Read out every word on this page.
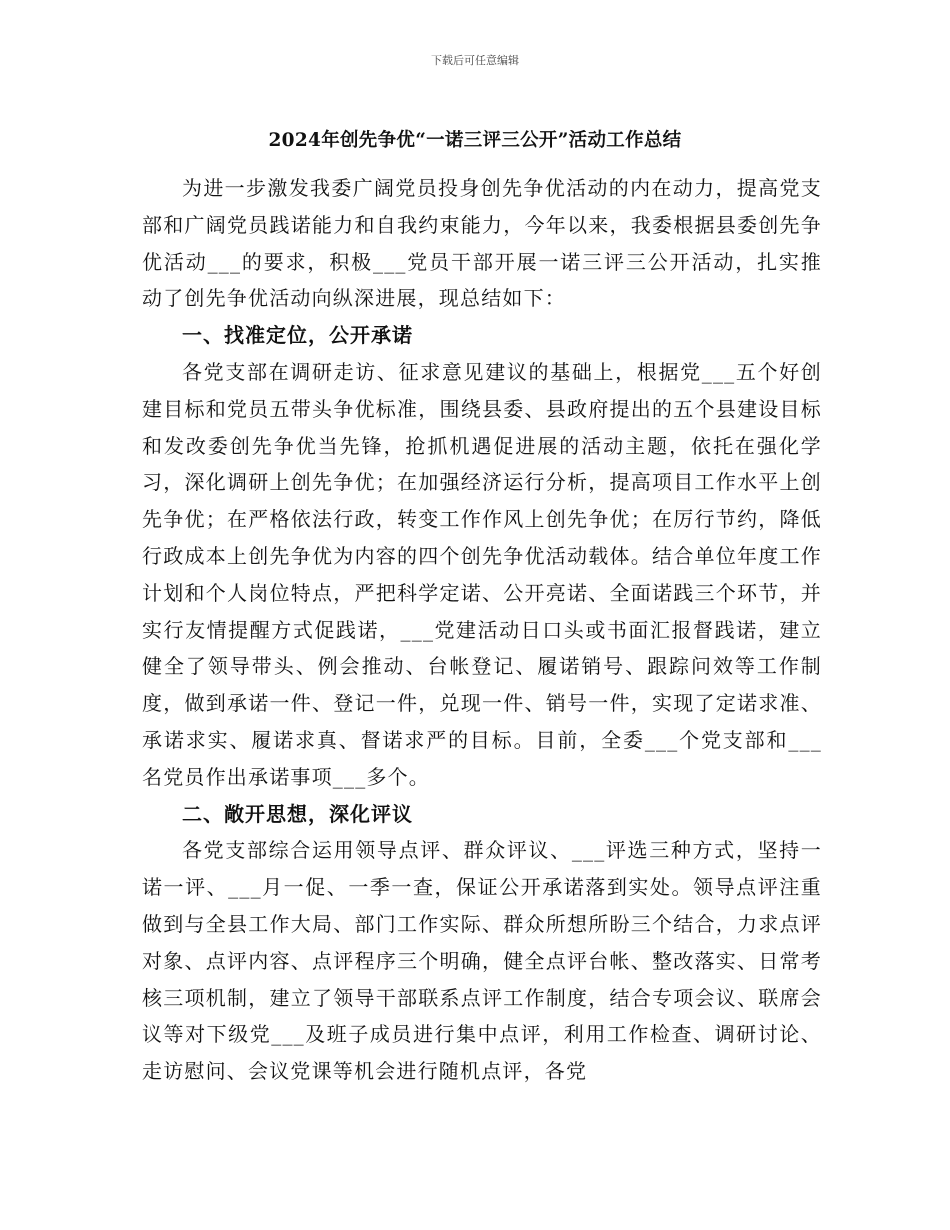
下载后可任意编辑
2024年创先争优“一诺三评三公开”活动工作总结

为进一步激发我委广阔党员投身创先争优活动的内在动力，提高党支部和广阔党员践诺能力和自我约束能力，今年以来，我委根据县委创先争优活动___的要求，积极___党员干部开展一诺三评三公开活动，扎实推动了创先争优活动向纵深进展，现总结如下：

一、找准定位，公开承诺

各党支部在调研走访、征求意见建议的基础上，根据党___五个好创建目标和党员五带头争优标准，围绕县委、县政府提出的五个县建设目标和发改委创先争优当先锋，抢抓机遇促进展的活动主题，依托在强化学习，深化调研上创先争优；在加强经济运行分析，提高项目工作水平上创先争优；在严格依法行政，转变工作作风上创先争优；在厉行节约，降低行政成本上创先争优为内容的四个创先争优活动载体。结合单位年度工作计划和个人岗位特点，严把科学定诺、公开亮诺、全面诺践三个环节，并实行友情提醒方式促践诺，___党建活动日口头或书面汇报督践诺，建立健全了领导带头、例会推动、台帐登记、履诺销号、跟踪问效等工作制度，做到承诺一件、登记一件，兑现一件、销号一件，实现了定诺求准、承诺求实、履诺求真、督诺求严的目标。目前，全委___个党支部和___名党员作出承诺事项___多个。

二、敞开思想，深化评议

各党支部综合运用领导点评、群众评议、___评选三种方式，坚持一诺一评、___月一促、一季一查，保证公开承诺落到实处。领导点评注重做到与全县工作大局、部门工作实际、群众所想所盼三个结合，力求点评对象、点评内容、点评程序三个明确，健全点评台帐、整改落实、日常考核三项机制，建立了领导干部联系点评工作制度，结合专项会议、联席会议等对下级党___及班子成员进行集中点评，利用工作检查、调研讨论、走访慰问、会议党课等机会进行随机点评，各党
